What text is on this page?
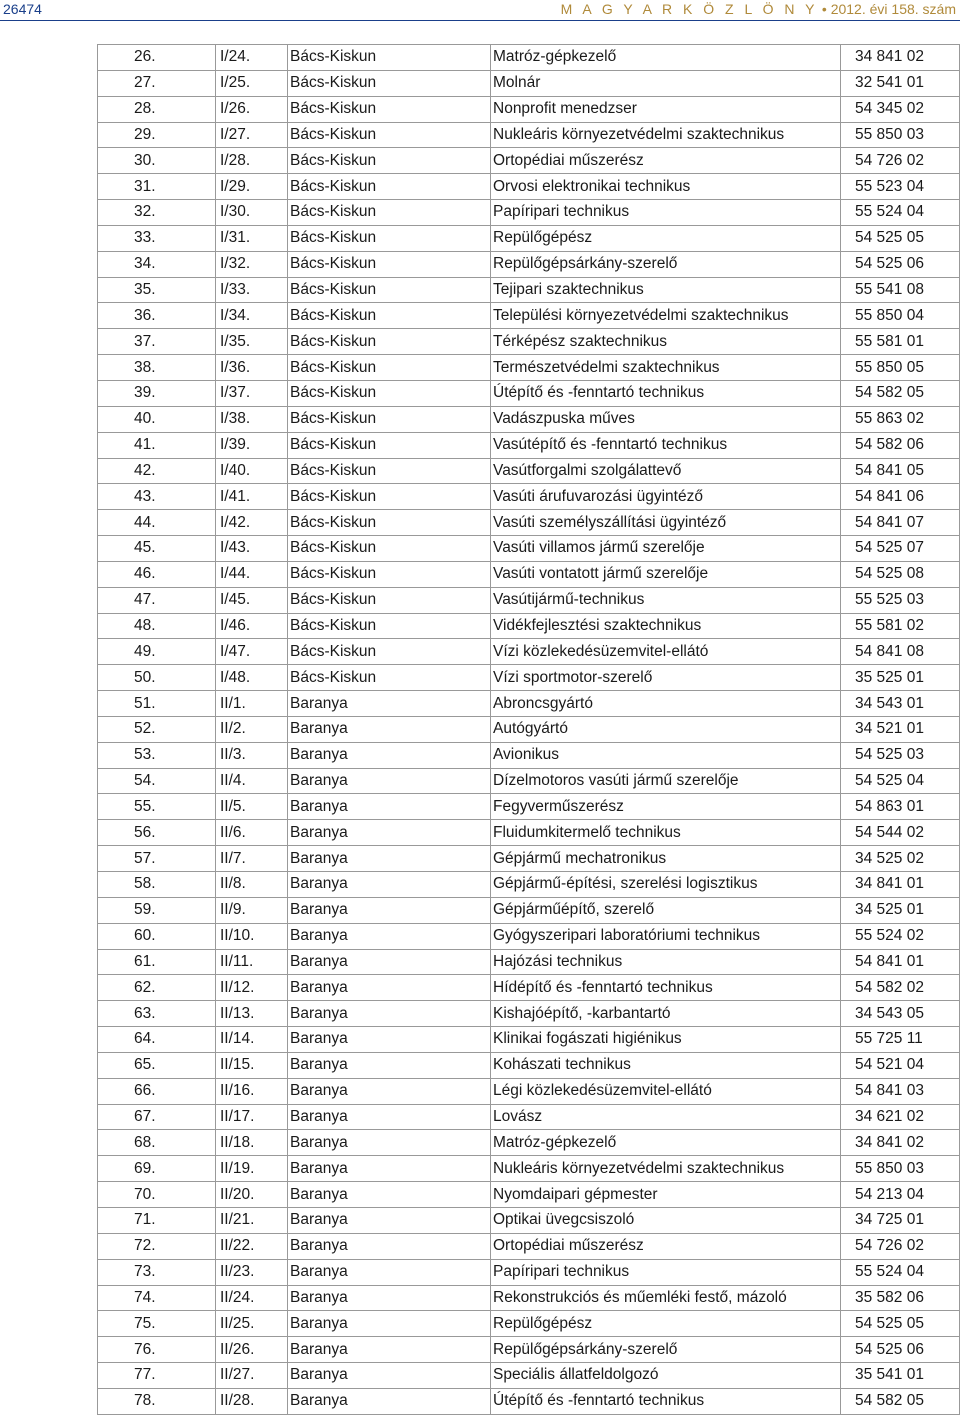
26474	M A G Y A R K Ö Z L Ö N Y • 2012. évi 158. szám
26.	I/24.	Bács-Kiskun	Matróz-gépkezelő	34 841 02
27.	I/25.	Bács-Kiskun	Molnár	32 541 01
28.	I/26.	Bács-Kiskun	Nonprofit menedzser	54 345 02
29.	I/27.	Bács-Kiskun	Nukleáris környezetvédelmi szaktechnikus	55 850 03
30.	I/28.	Bács-Kiskun	Ortopédiai műszerész	54 726 02
31.	I/29.	Bács-Kiskun	Orvosi elektronikai technikus	55 523 04
32.	I/30.	Bács-Kiskun	Papíripari technikus	55 524 04
33.	I/31.	Bács-Kiskun	Repülőgépész	54 525 05
34.	I/32.	Bács-Kiskun	Repülőgépsárkány-szerelő	54 525 06
35.	I/33.	Bács-Kiskun	Tejipari szaktechnikus	55 541 08
36.	I/34.	Bács-Kiskun	Települési környezetvédelmi szaktechnikus	55 850 04
37.	I/35.	Bács-Kiskun	Térképész szaktechnikus	55 581 01
38.	I/36.	Bács-Kiskun	Természetvédelmi szaktechnikus	55 850 05
39.	I/37.	Bács-Kiskun	Útépítő és -fenntartó technikus	54 582 05
40.	I/38.	Bács-Kiskun	Vadászpuska műves	55 863 02
41.	I/39.	Bács-Kiskun	Vasútépítő és -fenntartó technikus	54 582 06
42.	I/40.	Bács-Kiskun	Vasútforgalmi szolgálattevő	54 841 05
43.	I/41.	Bács-Kiskun	Vasúti árufuvarozási ügyintéző	54 841 06
44.	I/42.	Bács-Kiskun	Vasúti személyszállítási ügyintéző	54 841 07
45.	I/43.	Bács-Kiskun	Vasúti villamos jármű szerelője	54 525 07
46.	I/44.	Bács-Kiskun	Vasúti vontatott jármű szerelője	54 525 08
47.	I/45.	Bács-Kiskun	Vasútijármű-technikus	55 525 03
48.	I/46.	Bács-Kiskun	Vidékfejlesztési szaktechnikus	55 581 02
49.	I/47.	Bács-Kiskun	Vízi közlekedésüzemvitel-ellátó	54 841 08
50.	I/48.	Bács-Kiskun	Vízi sportmotor-szerelő	35 525 01
51.	II/1.	Baranya	Abroncsgyártó	34 543 01
52.	II/2.	Baranya	Autógyártó	34 521 01
53.	II/3.	Baranya	Avionikus	54 525 03
54.	II/4.	Baranya	Dízelmotoros vasúti jármű szerelője	54 525 04
55.	II/5.	Baranya	Fegyverműszerész	54 863 01
56.	II/6.	Baranya	Fluidumkitermelő technikus	54 544 02
57.	II/7.	Baranya	Gépjármű mechatronikus	34 525 02
58.	II/8.	Baranya	Gépjármű-építési, szerelési logisztikus	34 841 01
59.	II/9.	Baranya	Gépjárműépítő, szerelő	34 525 01
60.	II/10.	Baranya	Gyógyszeripari laboratóriumi technikus	55 524 02
61.	II/11.	Baranya	Hajózási technikus	54 841 01
62.	II/12.	Baranya	Hídépítő és -fenntartó technikus	54 582 02
63.	II/13.	Baranya	Kishajóépítő, -karbantartó	34 543 05
64.	II/14.	Baranya	Klinikai fogászati higiénikus	55 725 11
65.	II/15.	Baranya	Kohászati technikus	54 521 04
66.	II/16.	Baranya	Légi közlekedésüzemvitel-ellátó	54 841 03
67.	II/17.	Baranya	Lovász	34 621 02
68.	II/18.	Baranya	Matróz-gépkezelő	34 841 02
69.	II/19.	Baranya	Nukleáris környezetvédelmi szaktechnikus	55 850 03
70.	II/20.	Baranya	Nyomdaipari gépmester	54 213 04
71.	II/21.	Baranya	Optikai üvegcsiszoló	34 725 01
72.	II/22.	Baranya	Ortopédiai műszerész	54 726 02
73.	II/23.	Baranya	Papíripari technikus	55 524 04
74.	II/24.	Baranya	Rekonstrukciós és műemléki festő, mázoló	35 582 06
75.	II/25.	Baranya	Repülőgépész	54 525 05
76.	II/26.	Baranya	Repülőgépsárkány-szerelő	54 525 06
77.	II/27.	Baranya	Speciális állatfeldolgozó	35 541 01
78.	II/28.	Baranya	Útépítő és -fenntartó technikus	54 582 05
